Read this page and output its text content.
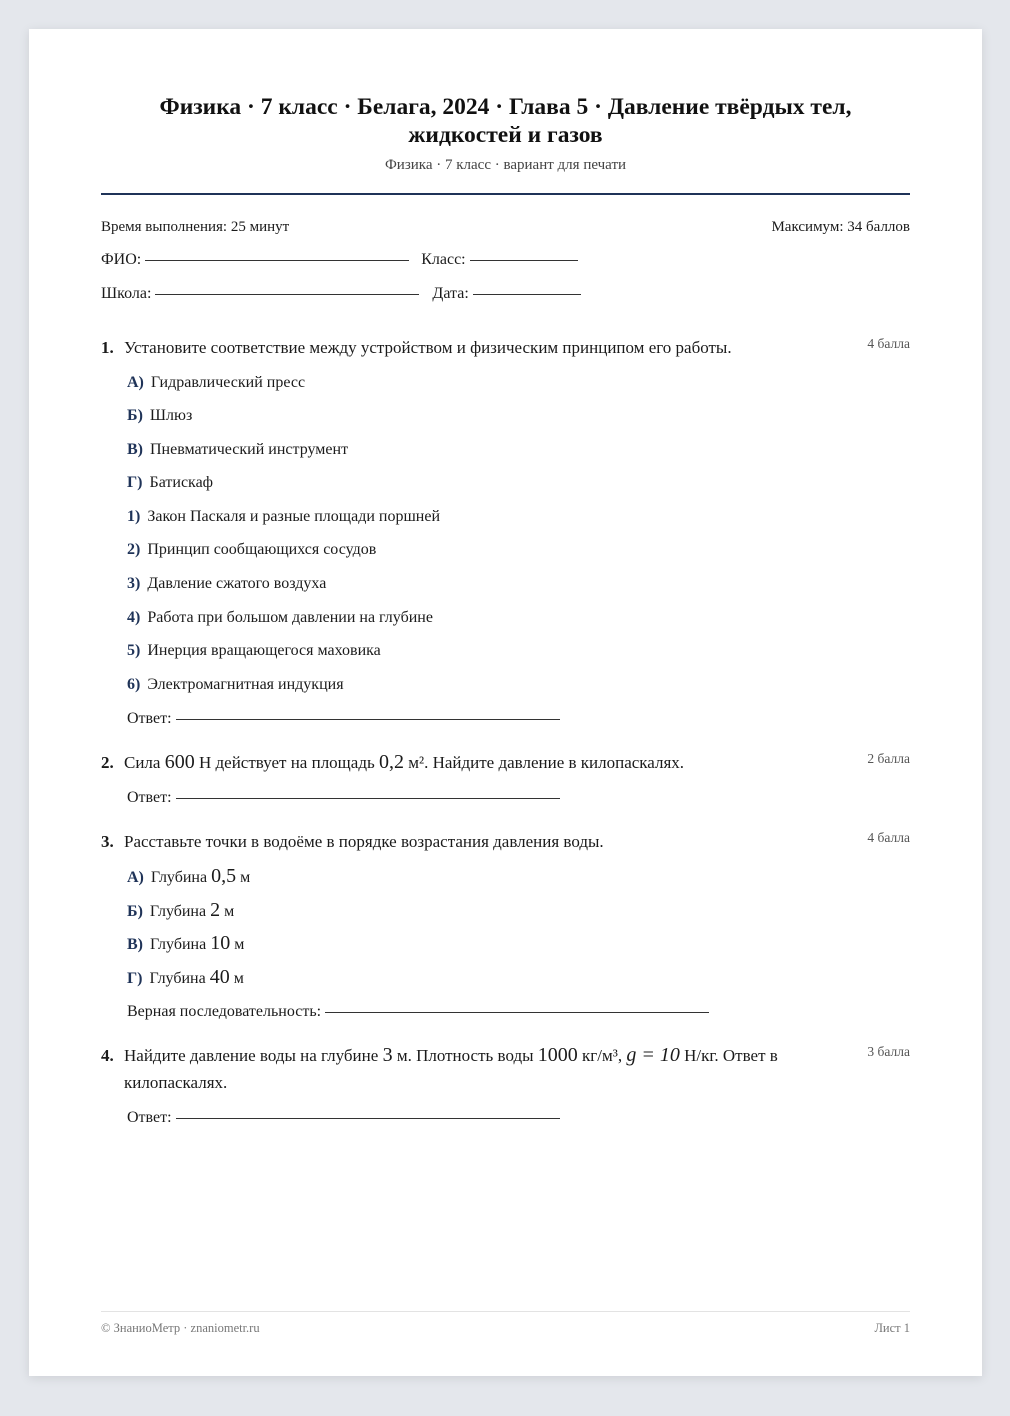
Физика · 7 класс · Белага, 2024 · Глава 5 · Давление твёрдых тел,
жидкостей и газов
Физика · 7 класс · вариант для печати
Время выполнения: 25 минут	Максимум: 34 баллов
ФИО:	Класс:
Школа:	Дата:
1. Установите соответствие между устройством и физическим принципом его работы.	4 балла
А) Гидравлический пресс
Б) Шлюз
В) Пневматический инструмент
Г) Батискаф
1) Закон Паскаля и разные площади поршней
2) Принцип сообщающихся сосудов
3) Давление сжатого воздуха
4) Работа при большом давлении на глубине
5) Инерция вращающегося маховика
6) Электромагнитная индукция
Ответ:
2. Сила 600 Н действует на площадь 0,2 м². Найдите давление в килопаскалях.	2 балла
Ответ:
3. Расставьте точки в водоёме в порядке возрастания давления воды.	4 балла
А) Глубина 0,5 м
Б) Глубина 2 м
В) Глубина 10 м
Г) Глубина 40 м
Верная последовательность:
4. Найдите давление воды на глубине 3 м. Плотность воды 1000 кг/м³, g = 10 Н/кг. Ответ в
килопаскалях.
3 балла
Ответ:
© ЗнаниоМетр · znaniometr.ru	Лист 1
